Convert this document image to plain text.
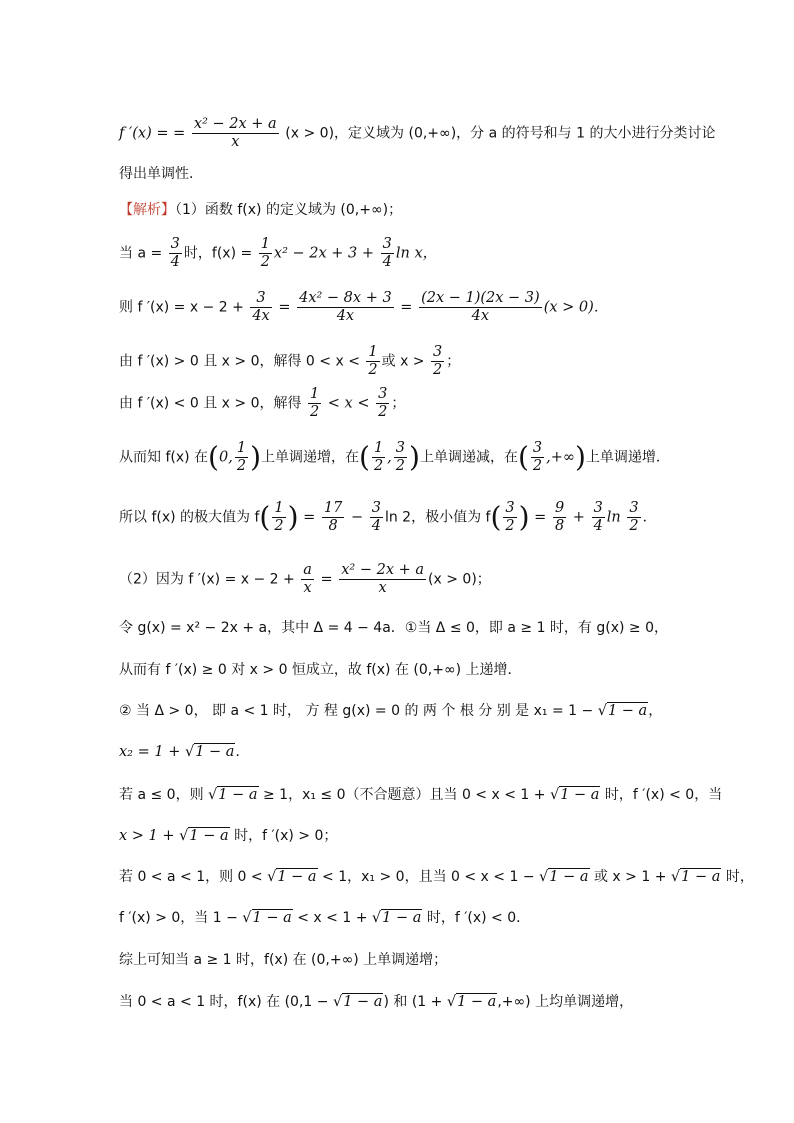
f ′(x) = = $\frac{\text{x² − 2x + a}}{x} (x > 0)$，定义域为 (0,+∞)，分 a 的符号和与 1 的大小进行分类讨论
得出单调性．
【解析】（1）函数 f(x) 的定义域为 (0,+∞)；
当 $a = \frac{3}{4}$ 时，$f(x) = \frac{1}{2} x^2 - 2x + 3 + \frac{3}{4}$ ln x，
则 f $'(x) = x - 2 + \frac{3}{4x} = \frac{\text{4x² − 8x + 3}}{4x} = \frac{(2x - 1)(2x - 3)}{4x} (x > 0)$．
由 f ′(x) > 0 且 x > 0，解得 $0 < x < \frac{1}{2}$ 或 $x > \frac{3}{2}$ ；
由 f ′(x) < 0 且 x > 0，解得 $\frac{1}{2} < x < \frac{3}{2}$ ；
从而知 f(x) 在(0, $\frac{1}{2}$ )上单调递增，在( $\frac{1}{2}$ , $\frac{3}{2}$ )上单调递减，在( $\frac{3}{2}$ ,+∞)上单调递增．
所以 f(x) 的极大值为 $f( \frac{1}{2}$ ) = $\frac{17}{8} - \frac{3}{4}$ ln 2，极小值为 $f( \frac{3}{2}$ ) = $\frac{9}{8} + \frac{3}{4}$ $\ln \frac{3}{2}$ ．
（2）因为 f $'(x) = x - 2 + \frac{a}{x} = \frac{\text{x² − 2x + a}}{x} (x > 0)$；
令 g(x) = x² − 2x + a，其中 Δ = 4 − 4a．①当 Δ ≤ 0，即 a ≥ 1 时，有 g(x) ≥ 0，
从而有 f ′(x) ≥ 0 对 x > 0 恒成立，故 f(x) 在 (0,+∞) 上递增．
② 当 Δ > 0， 即 a < 1 时， 方 程 g(x) = 0 的 两 个 根 分 别 是 x₁ = 1 − √1 − a，
x₂ = 1 + √1 − a．
若 a ≤ 0，则 √1 − a ≥ 1，x₁ ≤ 0（不合题意）且当 0 < x < 1 + √1 − a 时，f ′(x) < 0，当
x > 1 + √1 − a 时，f ′(x) > 0；
若 0 < a < 1，则 0 < √1 − a < 1，x₁ > 0，且当 0 < x < 1 − √1 − a 或 x > 1 + √1 − a 时，
f ′(x) > 0，当 1 − √1 − a < x < 1 + √1 − a 时，f ′(x) < 0．
综上可知当 a ≥ 1 时，f(x) 在 (0,+∞) 上单调递增；
当 0 < a < 1 时，f(x) 在 (0,1 − √1 − a) 和 (1 + √1 − a,+∞) 上均单调递增，
